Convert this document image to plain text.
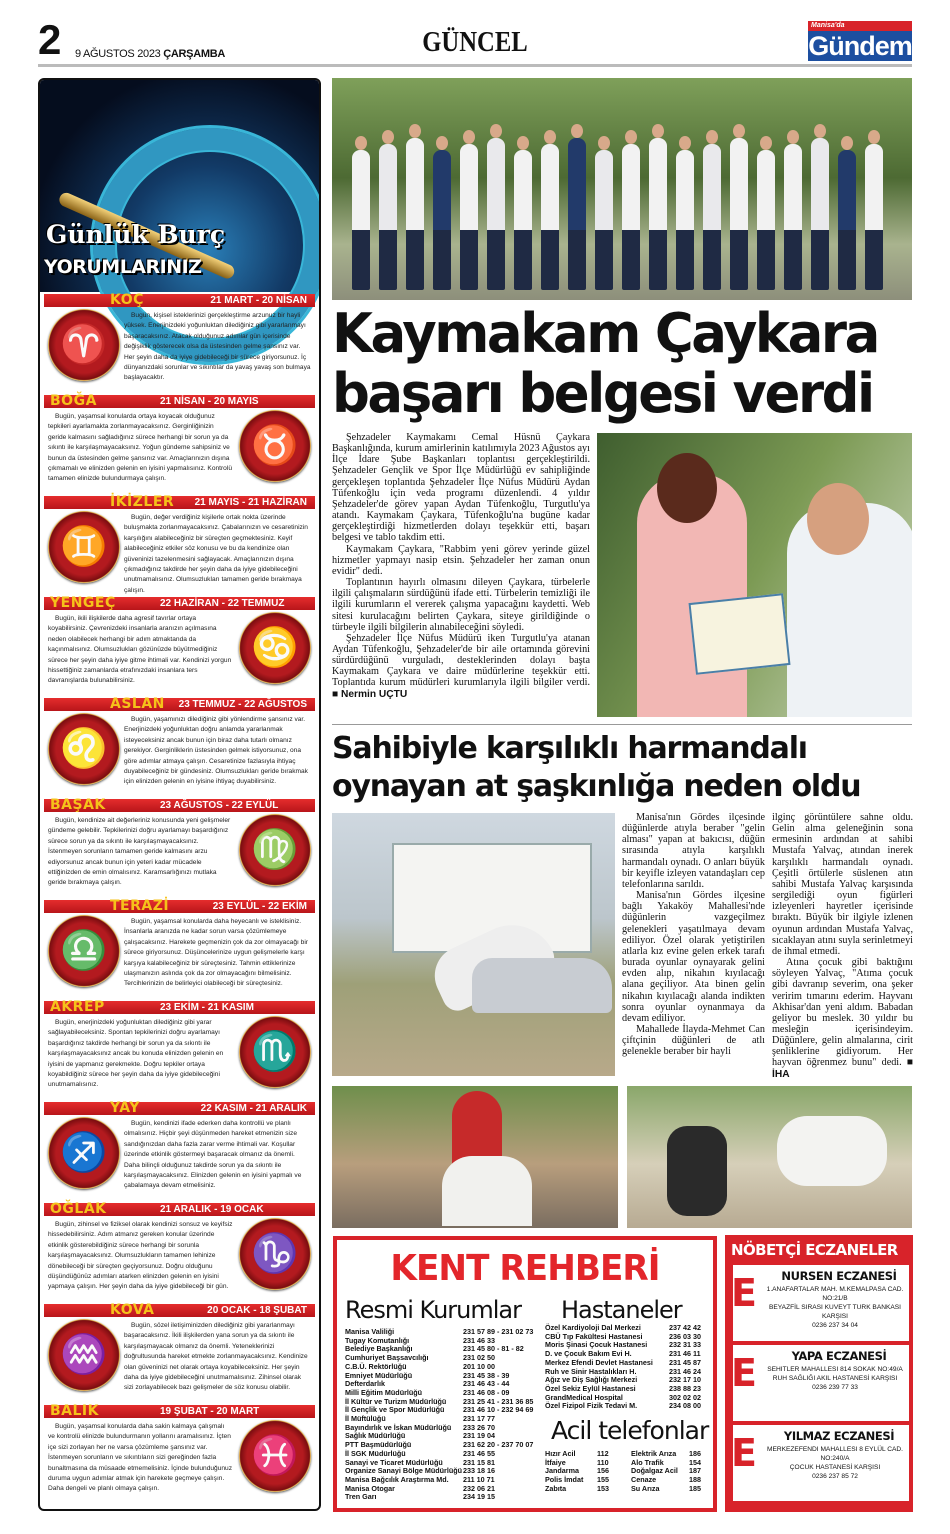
2 9 AĞUSTOS 2023 ÇARŞAMBA	GÜNCEL
Manisa'da
Gündem
Günlük Burç
YORUMLARINIZ
KOÇ	21 MART - 20 NİSAN
♈
Bugün, kişisel isteklerinizi gerçekleştirme arzunuz bir hayli yüksek. Enerjinizdeki yoğunluktan dilediğiniz gibi yararlanmayı başaracaksınız. Atacak olduğunuz adımlar gün içerisinde değişiklik gösterecek olsa da üstesinden gelme şansınız var. Her şeyin daha da iyiye gidebileceği bir sürece giriyorsunuz. İç dünyanızdaki sorunlar ve sıkıntılar da yavaş yavaş son bulmaya başlayacaktır.
BOĞA	21 NİSAN - 20 MAYIS
♉
Bugün, yaşamsal konularda ortaya koyacak olduğunuz tepkileri ayarlamakta zorlanmayacaksınız. Gerginliğinizin geride kalmasını sağladığınız sürece herhangi bir sorun ya da sıkıntı ile karşılaşmayacaksınız. Yoğun gündeme sahipsiniz ve bunun da üstesinden gelme şansınız var. Amaçlarınızın dışına çıkmamalı ve elinizden gelenin en iyisini yapmalısınız. Kontrolü tamamen elinizde bulundurmaya çalışın.
İKİZLER 21 MAYIS - 21 HAZİRAN
♊
Bugün, değer verdiğiniz kişilerle ortak nokta üzerinde buluşmakta zorlanmayacaksınız. Çabalarınızın ve cesaretinizin karşılığını alabileceğiniz bir süreçten geçmektesiniz. Keyif alabileceğiniz etkiler söz konusu ve bu da kendinize olan güveninizi tazelenmesini sağlayacak. Amaçlarınızın dışına çıkmadığınız takdirde her şeyin daha da iyiye gidebileceğini unutmamalısınız. Olumsuzlukları tamamen geride bırakmaya çalışın.
YENGEÇ	22 HAZİRAN - 22 TEMMUZ
♋
Bugün, ikili ilişkilerde daha agresif tavırlar ortaya koyabilirsiniz. Çevrenizdeki insanlarla aranızın açılmasına neden olabilecek herhangi bir adım atmaktanda da kaçınmalısınız. Olumsuzlukları gözünüzde büyütmediğiniz sürece her şeyin daha iyiye gitme ihtimali var. Kendinizi yorgun hissettiğiniz zamanlarda etrafınızdaki insanlara ters davranışlarda bulunabilirsiniz.
ASLAN 23 TEMMUZ - 22 AĞUSTOS
♌
Bugün, yaşamınızı dilediğiniz gibi yönlendirme şansınız var. Enerjinizdeki yoğunluktan doğru anlamda yararlanmak isteyeceksiniz ancak bunun için biraz daha tutarlı olmanız gerekiyor. Gerginliklerin üstesinden gelmek istiyorsunuz, ona göre adımlar atmaya çalışın. Cesaretinize fazlasıyla ihtiyaç duyabileceğiniz bir gündesiniz. Olumsuzlukları geride bırakmak için elinizden gelenin en iyisine ihtiyaç duyabilirsiniz.
BAŞAK	23 AĞUSTOS - 22 EYLÜL
♍
Bugün, kendinize ait değerleriniz konusunda yeni gelişmeler gündeme gelebilir. Tepkilerinizi doğru ayarlamayı başardığınız sürece sorun ya da sıkıntı ile karşılaşmayacaksınız. İstenmeyen sorunların tamamen geride kalmasını arzu ediyorsunuz ancak bunun için yeteri kadar mücadele ettiğinizden de emin olmalısınız. Karamsarlığınızı mutlaka geride bırakmaya çalışın.
TERAZİ	23 EYLÜL - 22 EKİM
♎
Bugün, yaşamsal konularda daha heyecanlı ve isteklisiniz. İnsanlarla aranızda ne kadar sorun varsa çözümlemeye çalışacaksınız. Harekete geçmenizin çok da zor olmayacağı bir sürece giriyorsunuz. Düşüncelerinize uygun gelişmelerle karşı karşıya kalabileceğiniz bir süreçtesiniz. Tahmin ettiklerinize ulaşmanızın aslında çok da zor olmayacağını bilmelisiniz. Tercihlerinizin de belirleyici olabileceği bir süreçtesiniz.
AKREP	23 EKİM - 21 KASIM
♏
Bugün, enerjinizdeki yoğunluktan dilediğiniz gibi yarar sağlayabileceksiniz. Spontan tepkilerinizi doğru ayarlamayı başardığınız takdirde herhangi bir sorun ya da sıkıntı ile karşılaşmayacaksınız ancak bu konuda elinizden gelenin en iyisini de yapmanız gerekmekte. Doğru tepkiler ortaya koyabildiğiniz sürece her şeyin daha da iyiye gidebileceğini unutmamalısınız.
YAY	22 KASIM - 21 ARALIK
♐
Bugün, kendinizi ifade ederken daha kontrollü ve planlı olmalısınız. Hiçbir şeyi düşünmeden hareket etmenizin size sandığınızdan daha fazla zarar verme ihtimali var. Koşullar üzerinde etkinlik göstermeyi başaracak olmanız da önemli. Daha bilinçli olduğunuz takdirde sorun ya da sıkıntı ile karşılaşmayacaksınız. Elinizden gelenin en iyisini yapmalı ve çabalamaya devam etmelisiniz.
OĞLAK	21 ARALIK - 19 OCAK
♑
Bugün, zihinsel ve fiziksel olarak kendinizi sonsuz ve keyifsiz hissedebilirsiniz. Adım atmanız gereken konular üzerinde etkinlik gösterebildiğiniz sürece herhangi bir sorunla karşılaşmayacaksınız. Olumsuzlukların tamamen lehinize dönebileceği bir süreçten geçiyorsunuz. Doğru olduğunu düşündüğünüz adımları atarken elinizden gelenin en iyisini yapmaya çalışın. Her şeyin daha da iyiye gidebileceği bir gün.
KOVA	20 OCAK - 18 ŞUBAT
♒
Bugün, sözel iletişiminizden dilediğiniz gibi yararlanmayı başaracaksınız. İkili ilişkilerden yana sorun ya da sıkıntı ile karşılaşmayacak olmanız da önemli. Yeteneklerinizi doğrultusunda hareket etmekte zorlanmayacaksınız. Kendinize olan güveninizi net olarak ortaya koyabileceksiniz. Her şeyin daha da iyiye gidebileceğini unutmamalısınız. Zihinsel olarak sizi zorlayabilecek bazı gelişmeler de söz konusu olabilir.
BALIK	19 ŞUBAT - 20 MART
♓
Bugün, yaşamsal konularda daha sakin kalmaya çalışmalı ve kontrolü elinizde bulundurmanın yollarını aramalısınız. İçten içe sizi zorlayan her ne varsa çözümleme şansınız var. İstenmeyen sorunların ve sıkıntıların sizi gereğinden fazla bunaltmasına da müsaade etmemelisiniz. İçinde bulunduğunuz duruma uygun adımlar atmak için harekete geçmeye çalışın. Daha dengeli ve planlı olmaya çalışın.
Kaymakam Çaykara
başarı belgesi verdi

Şehzadeler Kaymakamı Cemal Hüsnü Çaykara Başkanlığında, kurum amirlerinin katılımıyla 2023 Ağustos ayı İlçe İdare Şube Başkanları toplantısı gerçekleştirildi. Şehzadeler Gençlik ve Spor İlçe Müdürlüğü ev sahipliğinde gerçekleşen toplantıda Şehzadeler İlçe Nüfus Müdürü Aydan Tüfenkoğlu için veda programı düzenlendi. 4 yıldır Şehzadeler'de görev yapan Aydan Tüfenkoğlu, Turgutlu'ya atandı. Kaymakam Çaykara, Tüfenkoğlu'na bugüne kadar gerçekleştirdiği hizmetlerden dolayı teşekkür etti, başarı belgesi ve tablo takdim etti.

Kaymakam Çaykara, "Rabbim yeni görev yerinde güzel hizmetler yapmayı nasip etsin. Şehzadeler her zaman onun evidir" dedi.

Toplantının hayırlı olmasını dileyen Çaykara, türbelerle ilgili çalışmaların sürdüğünü ifade etti. Türbelerin temizliği ile ilgili kurumların el vererek çalışma yapacağını kaydetti. Web sitesi kurulacağını belirten Çaykara, siteye girildiğinde o türbeyle ilgili bilgilerin alınabileceğini söyledi.

Şehzadeler İlçe Nüfus Müdürü iken Turgutlu'ya atanan Aydan Tüfenkoğlu, Şehzadeler'de bir aile ortamında görevini sürdürdüğünü vurguladı, desteklerinden dolayı başta Kaymakam Çaykara ve daire müdürlerine teşekkür etti. Toplantıda kurum müdürleri kurumlarıyla ilgili bilgiler verdi. ■ Nermin UÇTU

Sahibiyle karşılıklı harmandalı
oynayan at şaşkınlığa neden oldu

Manisa'nın Gördes ilçesinde düğünlerde atıyla beraber "gelin alması" yapan at bakıcısı, düğün sırasında atıyla karşılıklı harmandalı oynadı. O anları büyük bir keyifle izleyen vatandaşları cep telefonlarına sarıldı.

Manisa'nın Gördes ilçesine bağlı Yakaköy Mahallesi'nde düğünlerin vazgeçilmez gelenekleri yaşatılmaya devam ediliyor. Özel olarak yetiştirilen atlarla kız evine gelen erkek tarafı burada oyunlar oynayarak gelini evden alıp, nikahın kıyılacağı alana geçiliyor. Ata binen gelin nikahın kıyılacağı alanda indikten sonra oyunlar oynanmaya da devam ediliyor.

Mahallede İlayda-Mehmet Can çiftçinin düğünleri de atlı gelenekle beraber bir hayli

ilginç görüntülere sahne oldu. Gelin alma geleneğinin sona ermesinin ardından at sahibi Mustafa Yalvaç, atından inerek karşılıklı harmandalı oynadı. Çeşitli örtülerle süslenen atın sahibi Mustafa Yalvaç karşısında sergilediği oyun figürleri izleyenleri hayretler içerisinde bıraktı. Büyük bir ilgiyle izlenen oyunun ardından Mustafa Yalvaç, sıcaklayan atını suyla serinletmeyi de ihmal etmedi.

Atına çocuk gibi baktığını söyleyen Yalvaç, "Atıma çocuk gibi davranıp severim, ona şeker veririm tımarını ederim. Hayvanı Akhisar'dan yeni aldım. Babadan geliyor bu meslek. 30 yıldır bu mesleğin içerisindeyim. Düğünlere, gelin almalarına, cirit şenliklerine gidiyorum. Her hayvan öğrenmez bunu" dedi. ■ İHA

KENT REHBERİ
Resmi Kurumlar Hastaneler
Manisa Valiliği	231 57 89 - 231 02 73
Tugay Komutanlığı	231 46 33
Belediye Başkanlığı	231 45 80 - 81 - 82
Cumhuriyet Başsavcılığı	231 02 50
C.B.Ü. Rektörlüğü	201 10 00
Emniyet Müdürlüğü	231 45 38 - 39
Defterdarlık	231 46 43 - 44
Milli Eğitim Müdürlüğü	231 46 08 - 09
İl Kültür ve Turizm Müdürlüğü	231 25 41 - 231 36 85
İl Gençlik ve Spor Müdürlüğü	231 46 10 - 232 94 69
İl Müftülüğü	231 17 77
Bayındırlık ve İskan Müdürlüğü	233 26 70
Sağlık Müdürlüğü	231 19 04
PTT Başmüdürlüğü	231 62 20 - 237 70 07
İl SGK Müdürlüğü	231 46 55
Sanayi ve Ticaret Müdürlüğü	231 15 81
Organize Sanayi Bölge Müdürlüğü 233 18 16
Manisa Bağcılık Araştırma Md.	211 10 71
Manisa Otogar	232 06 21
Tren Garı	234 19 15
Özel Kardiyoloji Dal Merkezi	237 42 42
CBÜ Tıp Fakültesi Hastanesi	236 03 30
Moris Şinasi Çocuk Hastanesi	232 31 33
D. ve Çocuk Bakım Evi H.	231 46 11
Merkez Efendi Devlet Hastanesi	231 45 87
Ruh ve Sinir Hastalıkları H.	231 46 24
Ağız ve Diş Sağlığı Merkezi	232 17 10
Özel Sekiz Eylül Hastanesi	238 88 23
GrandMedical Hospital	302 02 02
Özel Fizipol Fizik Tedavi M.	234 08 00
Acil telefonlar
Hızır Acil	112
İtfaiye	110
Jandarma	156
Polis İmdat	155
Zabıta	153
Elektrik Arıza	186
Alo Trafik	154
Doğalgaz Acil	187
Cenaze	188
Su Arıza	185
NÖBETÇİ ECZANELER
E	NURSEN ECZANESİ
1.ANAFARTALAR MAH. M.KEMALPASA CAD.
NO:21/B
BEYAZFİL SIRASI KUVEYT TURK BANKASI
KARŞISI
0236 237 34 04
E	YAPA ECZANESİ
SEHITLER MAHALLESI 814 SOKAK NO:49/A
RUH SAĞLIĞI AKIL HASTANESİ KARŞISI
0236 239 77 33
E	YILMAZ ECZANESİ
MERKEZEFENDI MAHALLESI 8 EYLÜL CAD.
NO:240/A
ÇOCUK HASTANESİ KARŞISI
0236 237 85 72
